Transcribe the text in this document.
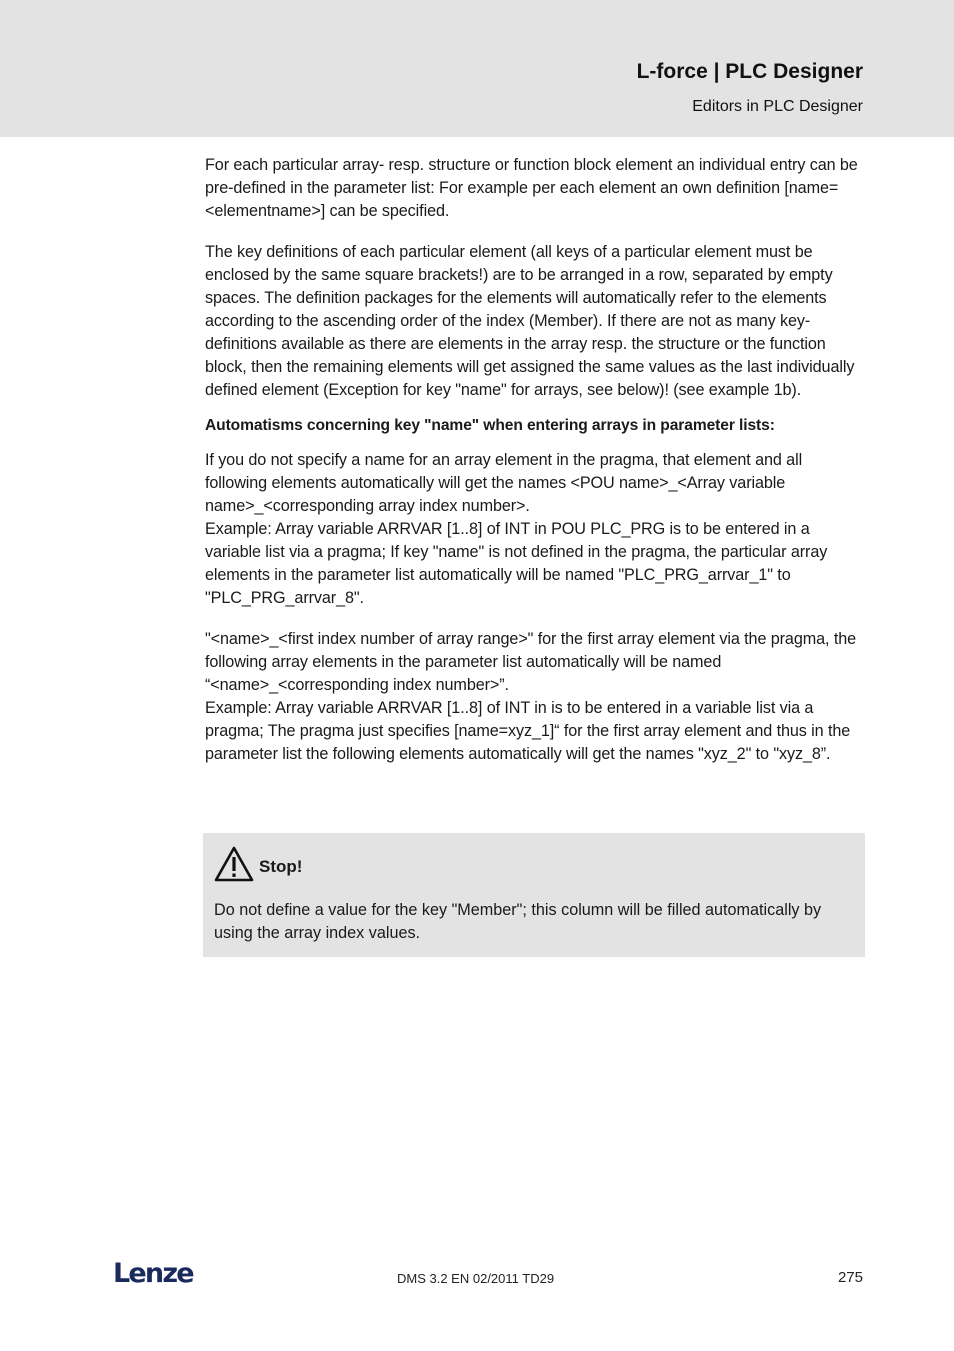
L-force | PLC Designer
Editors in PLC Designer

For each particular array- resp. structure or function block element an individual entry can be pre-defined in the parameter list: For example per each element an own definition [name=<elementname>] can be specified.

The key definitions of each particular element (all keys of a particular element must be enclosed by the same square brackets!) are to be arranged in a row, separated by empty spaces. The definition packages for the elements will automatically refer to the elements according to the ascending order of the index (Member). If there are not as many key-definitions available as there are elements in the array resp. the structure or the function block, then the remaining elements will get assigned the same values as the last individually defined element (Exception for key "name" for arrays, see below)! (see example 1b).

Automatisms concerning key "name" when entering arrays in parameter lists:

If you do not specify a name for an array element in the pragma, that element and all following elements automatically will get the names <POU name>_<Array variable name>_<corresponding array index number>.
Example: Array variable ARRVAR [1..8] of INT in POU PLC_PRG is to be entered in a variable list via a pragma; If key "name" is not defined in the pragma, the particular array elements in the parameter list automatically will be named "PLC_PRG_arrvar_1" to "PLC_PRG_arrvar_8".

"<name>_<first index number of array range>" for the first array element via the pragma, the following array elements in the parameter list automatically will be named “<name>_<corresponding index number>”.
Example: Array variable ARRVAR [1..8] of INT in is to be entered in a variable list via a pragma; The pragma just specifies [name=xyz_1]“ for the first array element and thus in the parameter list the following elements automatically will get the names "xyz_2" to "xyz_8”.

Stop!
Do not define a value for the key "Member"; this column will be filled automatically by using the array index values.
Lenze	DMS 3.2 EN 02/2011 TD29	275
